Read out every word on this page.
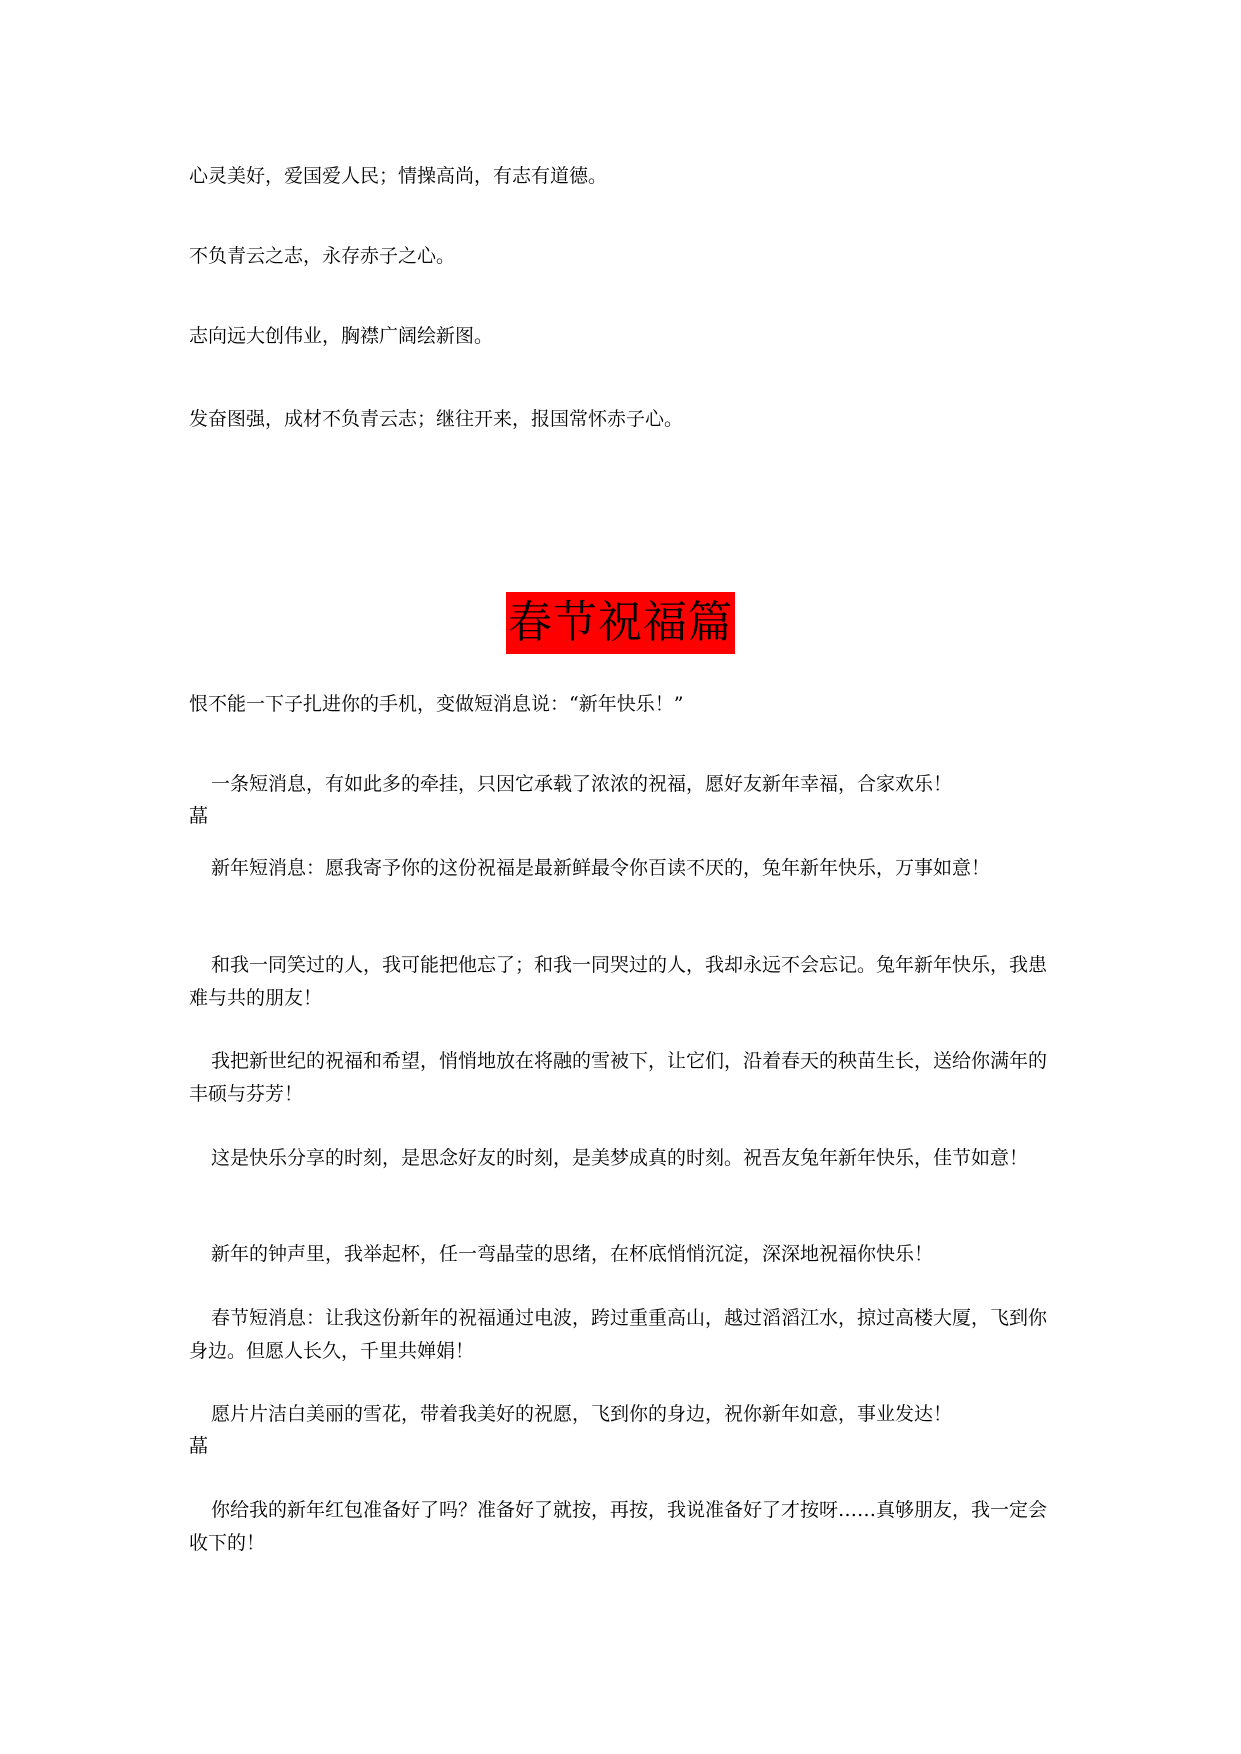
心灵美好，爱国爱人民；情操高尚，有志有道德。

不负青云之志，永存赤子之心。

志向远大创伟业，胸襟广阔绘新图。

发奋图强，成材不负青云志；继往开来，报国常怀赤子心。

春节祝福篇

恨不能一下子扎进你的手机，变做短消息说：“新年快乐！”

一条短消息，有如此多的牵挂，只因它承载了浓浓的祝福，愿好友新年幸福，合家欢乐！

蕌

新年短消息：愿我寄予你的这份祝福是最新鲜最令你百读不厌的，兔年新年快乐，万事如意！

和我一同笑过的人，我可能把他忘了；和我一同哭过的人，我却永远不会忘记。兔年新年快乐，我患难与共的朋友！

我把新世纪的祝福和希望，悄悄地放在将融的雪被下，让它们，沿着春天的秧苗生长，送给你满年的丰硕与芬芳！

这是快乐分享的时刻，是思念好友的时刻，是美梦成真的时刻。祝吾友兔年新年快乐，佳节如意！

新年的钟声里，我举起杯，任一弯晶莹的思绪，在杯底悄悄沉淀，深深地祝福你快乐！

春节短消息：让我这份新年的祝福通过电波，跨过重重高山，越过滔滔江水，掠过高楼大厦，飞到你身边。但愿人长久，千里共婵娟！

愿片片洁白美丽的雪花，带着我美好的祝愿，飞到你的身边，祝你新年如意，事业发达！

蕌

你给我的新年红包准备好了吗？准备好了就按，再按，我说准备好了才按呀……真够朋友，我一定会收下的！
